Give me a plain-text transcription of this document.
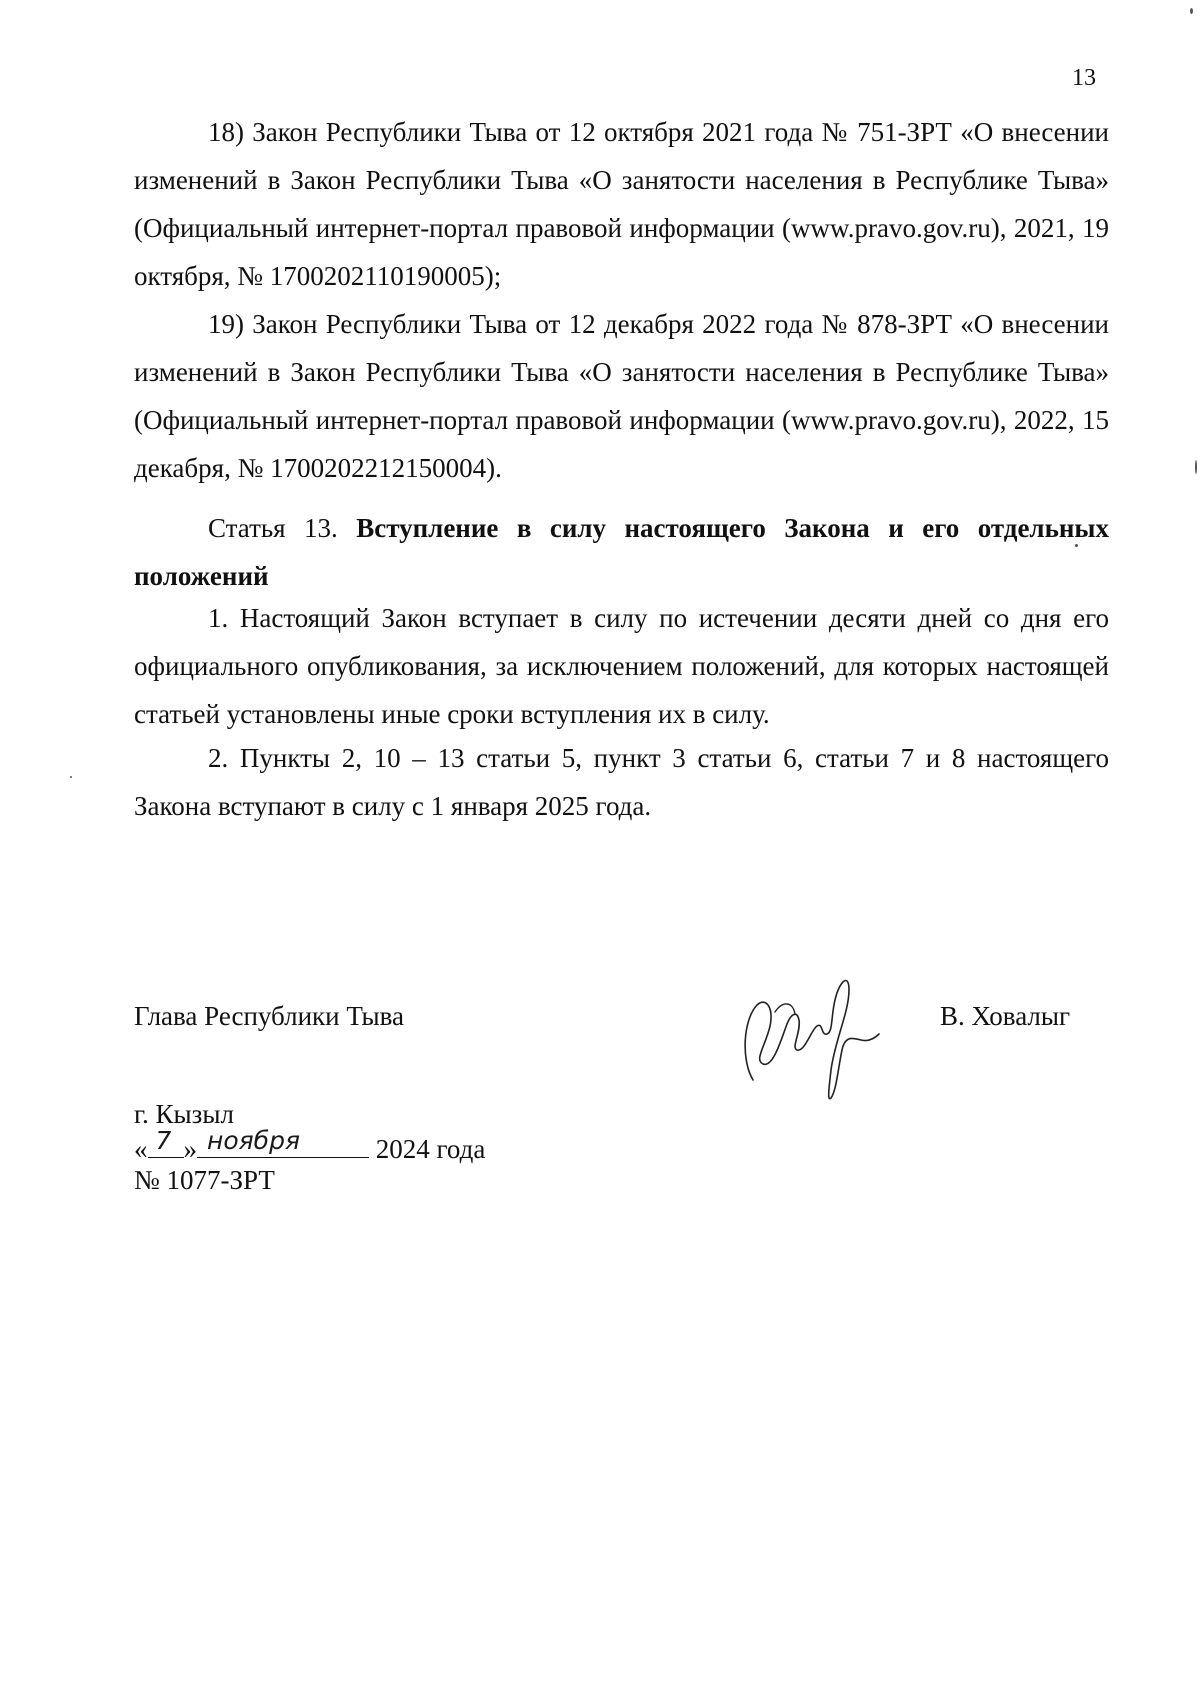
13

18) Закон Республики Тыва от 12 октября 2021 года № 751-ЗРТ «О внесении изменений в Закон Республики Тыва «О занятости населения в Республике Тыва» (Официальный интернет-портал правовой информации (www.pravo.gov.ru), 2021, 19 октября, № 1700202110190005);

19) Закон Республики Тыва от 12 декабря 2022 года № 878-ЗРТ «О внесении изменений в Закон Республики Тыва «О занятости населения в Республике Тыва» (Официальный интернет-портал правовой информации (www.pravo.gov.ru), 2022, 15 декабря, № 1700202212150004).

Статья 13. Вступление в силу настоящего Закона и его отдельных положений

1. Настоящий Закон вступает в силу по истечении десяти дней со дня его официального опубликования, за исключением положений, для которых настоящей статьей установлены иные сроки вступления их в силу.

2. Пункты 2, 10 – 13 статьи 5, пункт 3 статьи 6, статьи 7 и 8 настоящего Закона вступают в силу с 1 января 2025 года.

Глава Республики Тыва	В. Ховалыг
г. Кызыл
« 7 » ноября	2024 года
№ 1077-ЗРТ
